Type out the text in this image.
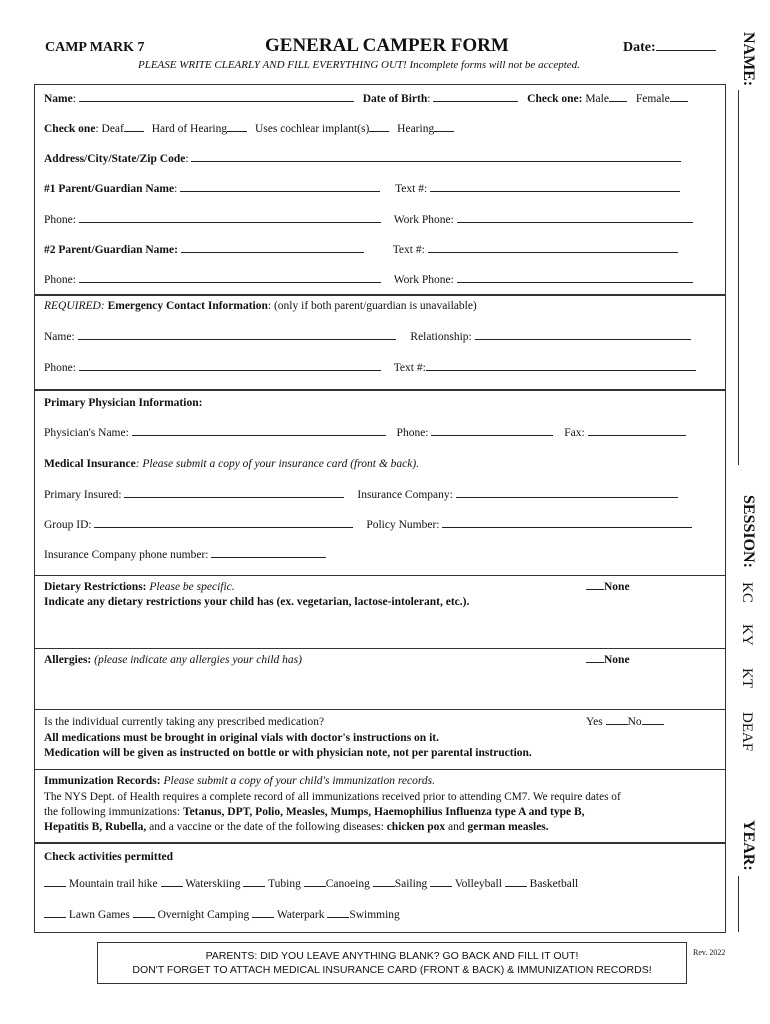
CAMP MARK 7	GENERAL CAMPER FORM	Date:
PLEASE WRITE CLEARLY AND FILL EVERYTHING OUT! Incomplete forms will not be accepted.
Name:	Date of Birth:	Check one: Male Female
Check one: Deaf Hard of Hearing Uses cochlear implant(s) Hearing
Address/City/State/Zip Code:
#1 Parent/Guardian Name:	Text #:
Phone:	Work Phone:
#2 Parent/Guardian Name:	Text #:
Phone:	Work Phone:
REQUIRED: Emergency Contact Information: (only if both parent/guardian is unavailable)
Name:	Relationship:
Phone:	Text #:
Primary Physician Information:
Physician's Name:	Phone:	Fax:
Medical Insurance: Please submit a copy of your insurance card (front & back).
Primary Insured:	Insurance Company:
Group ID:	Policy Number:
Insurance Company phone number:
Dietary Restrictions: Please be specific.
Indicate any dietary restrictions your child has (ex. vegetarian, lactose-intolerant, etc.).
None
Allergies: (please indicate any allergies your child has)	None
Is the individual currently taking any prescribed medication?	Yes No
All medications must be brought in original vials with doctor's instructions on it.
Medication will be given as instructed on bottle or with physician note, not per parental instruction.
Immunization Records: Please submit a copy of your child's immunization records.
The NYS Dept. of Health requires a complete record of all immunizations received prior to attending CM7. We require dates of
the following immunizations: Tetanus, DPT, Polio, Measles, Mumps, Haemophilius Influenza type A and type B,
Hepatitis B, Rubella, and a vaccine or the date of the following diseases: chicken pox and german measles.
Check activities permitted
Mountain trail hike Waterskiing Tubing Canoeing Sailing Volleyball Basketball
Lawn Games Overnight Camping Waterpark Swimming
PARENTS: DID YOU LEAVE ANYTHING BLANK? GO BACK AND FILL IT OUT!
DON'T FORGET TO ATTACH MEDICAL INSURANCE CARD (FRONT & BACK) & IMMUNIZATION RECORDS!
Rev. 2022
NAME:
SESSION:
KC
KY
KT
DEAF
YEAR:
